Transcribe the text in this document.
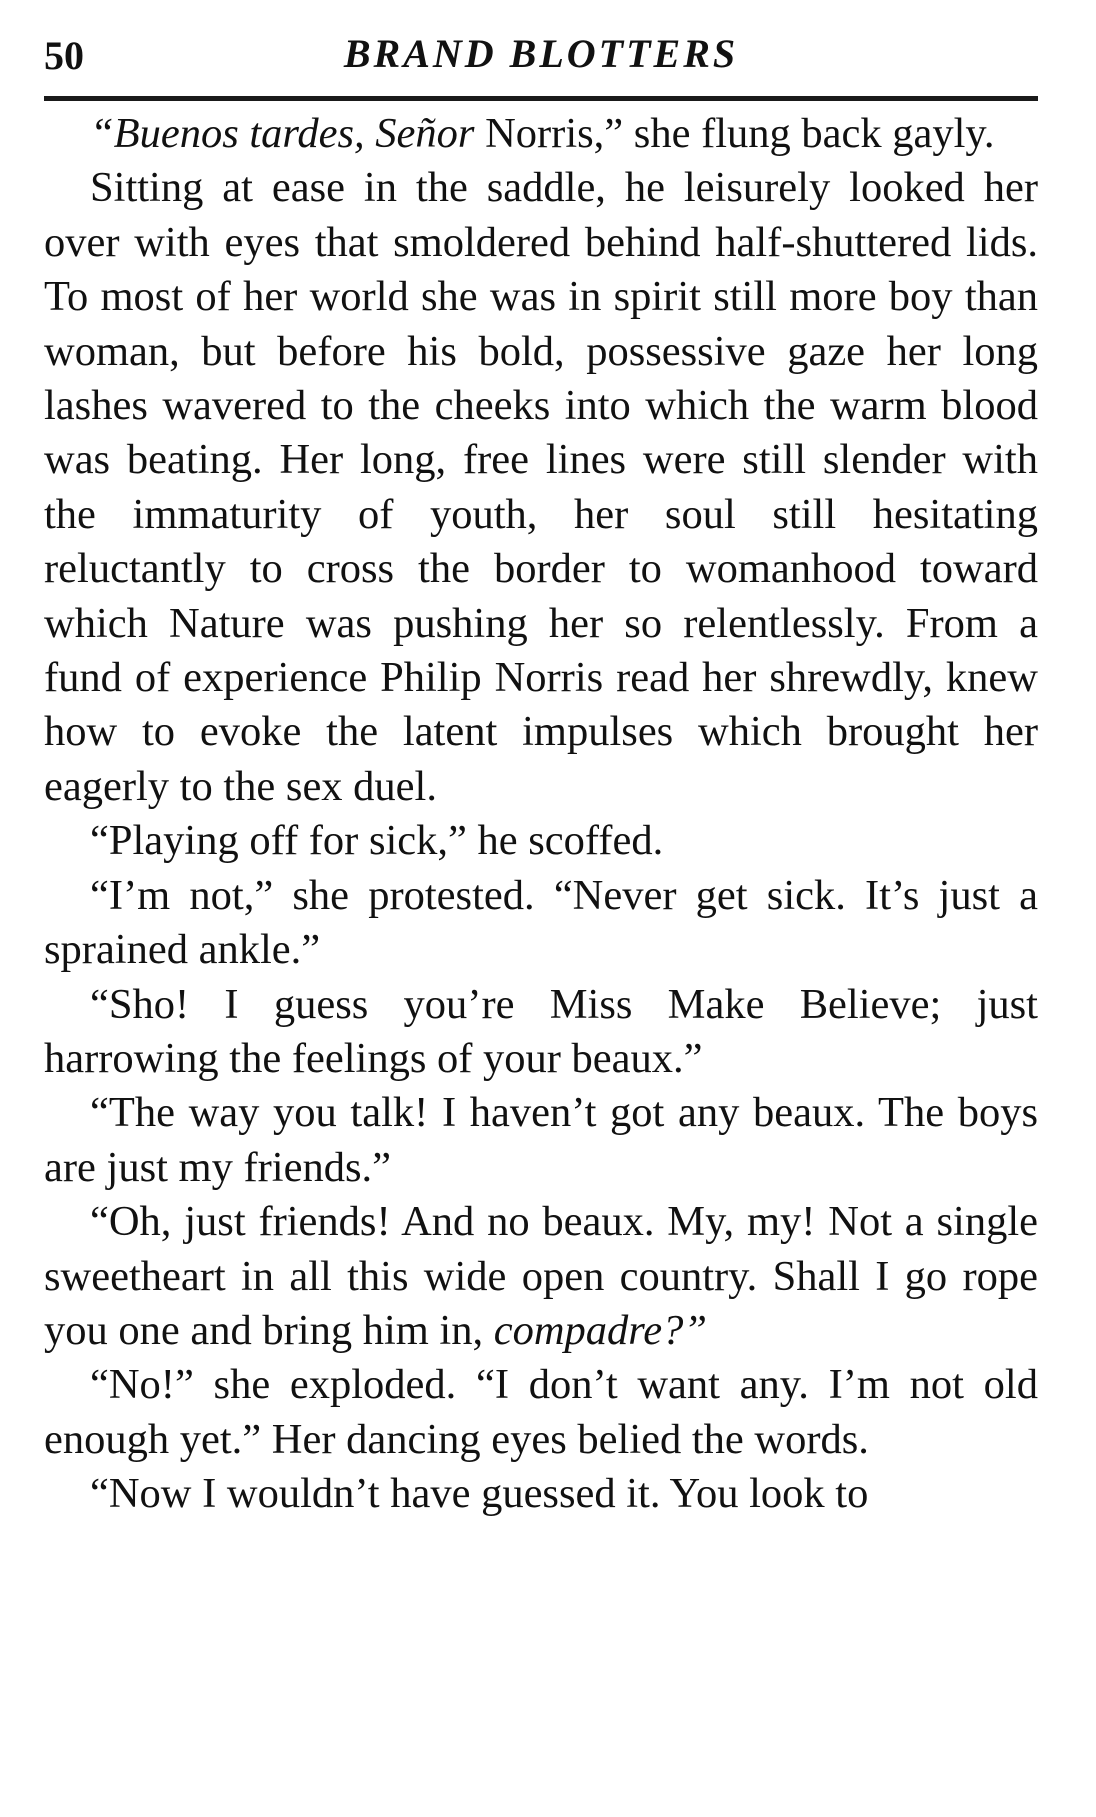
50	BRAND BLOTTERS

“Buenos tardes, Señor Norris,” she flung back gayly.

Sitting at ease in the saddle, he leisurely looked her over with eyes that smoldered behind half-shuttered lids. To most of her world she was in spirit still more boy than woman, but before his bold, possessive gaze her long lashes wavered to the cheeks into which the warm blood was beating. Her long, free lines were still slender with the immaturity of youth, her soul still hesitating reluctantly to cross the border to womanhood toward which Nature was pushing her so relentlessly. From a fund of experience Philip Norris read her shrewdly, knew how to evoke the latent impulses which brought her eagerly to the sex duel.

“Playing off for sick,” he scoffed.

“I’m not,” she protested. “Never get sick. It’s just a sprained ankle.”

“Sho! I guess you’re Miss Make Believe; just harrowing the feelings of your beaux.”

“The way you talk! I haven’t got any beaux. The boys are just my friends.”

“Oh, just friends! And no beaux. My, my! Not a single sweetheart in all this wide open country. Shall I go rope you one and bring him in, compadre?”

“No!” she exploded. “I don’t want any. I’m not old enough yet.” Her dancing eyes belied the words.

“Now I wouldn’t have guessed it. You look to
